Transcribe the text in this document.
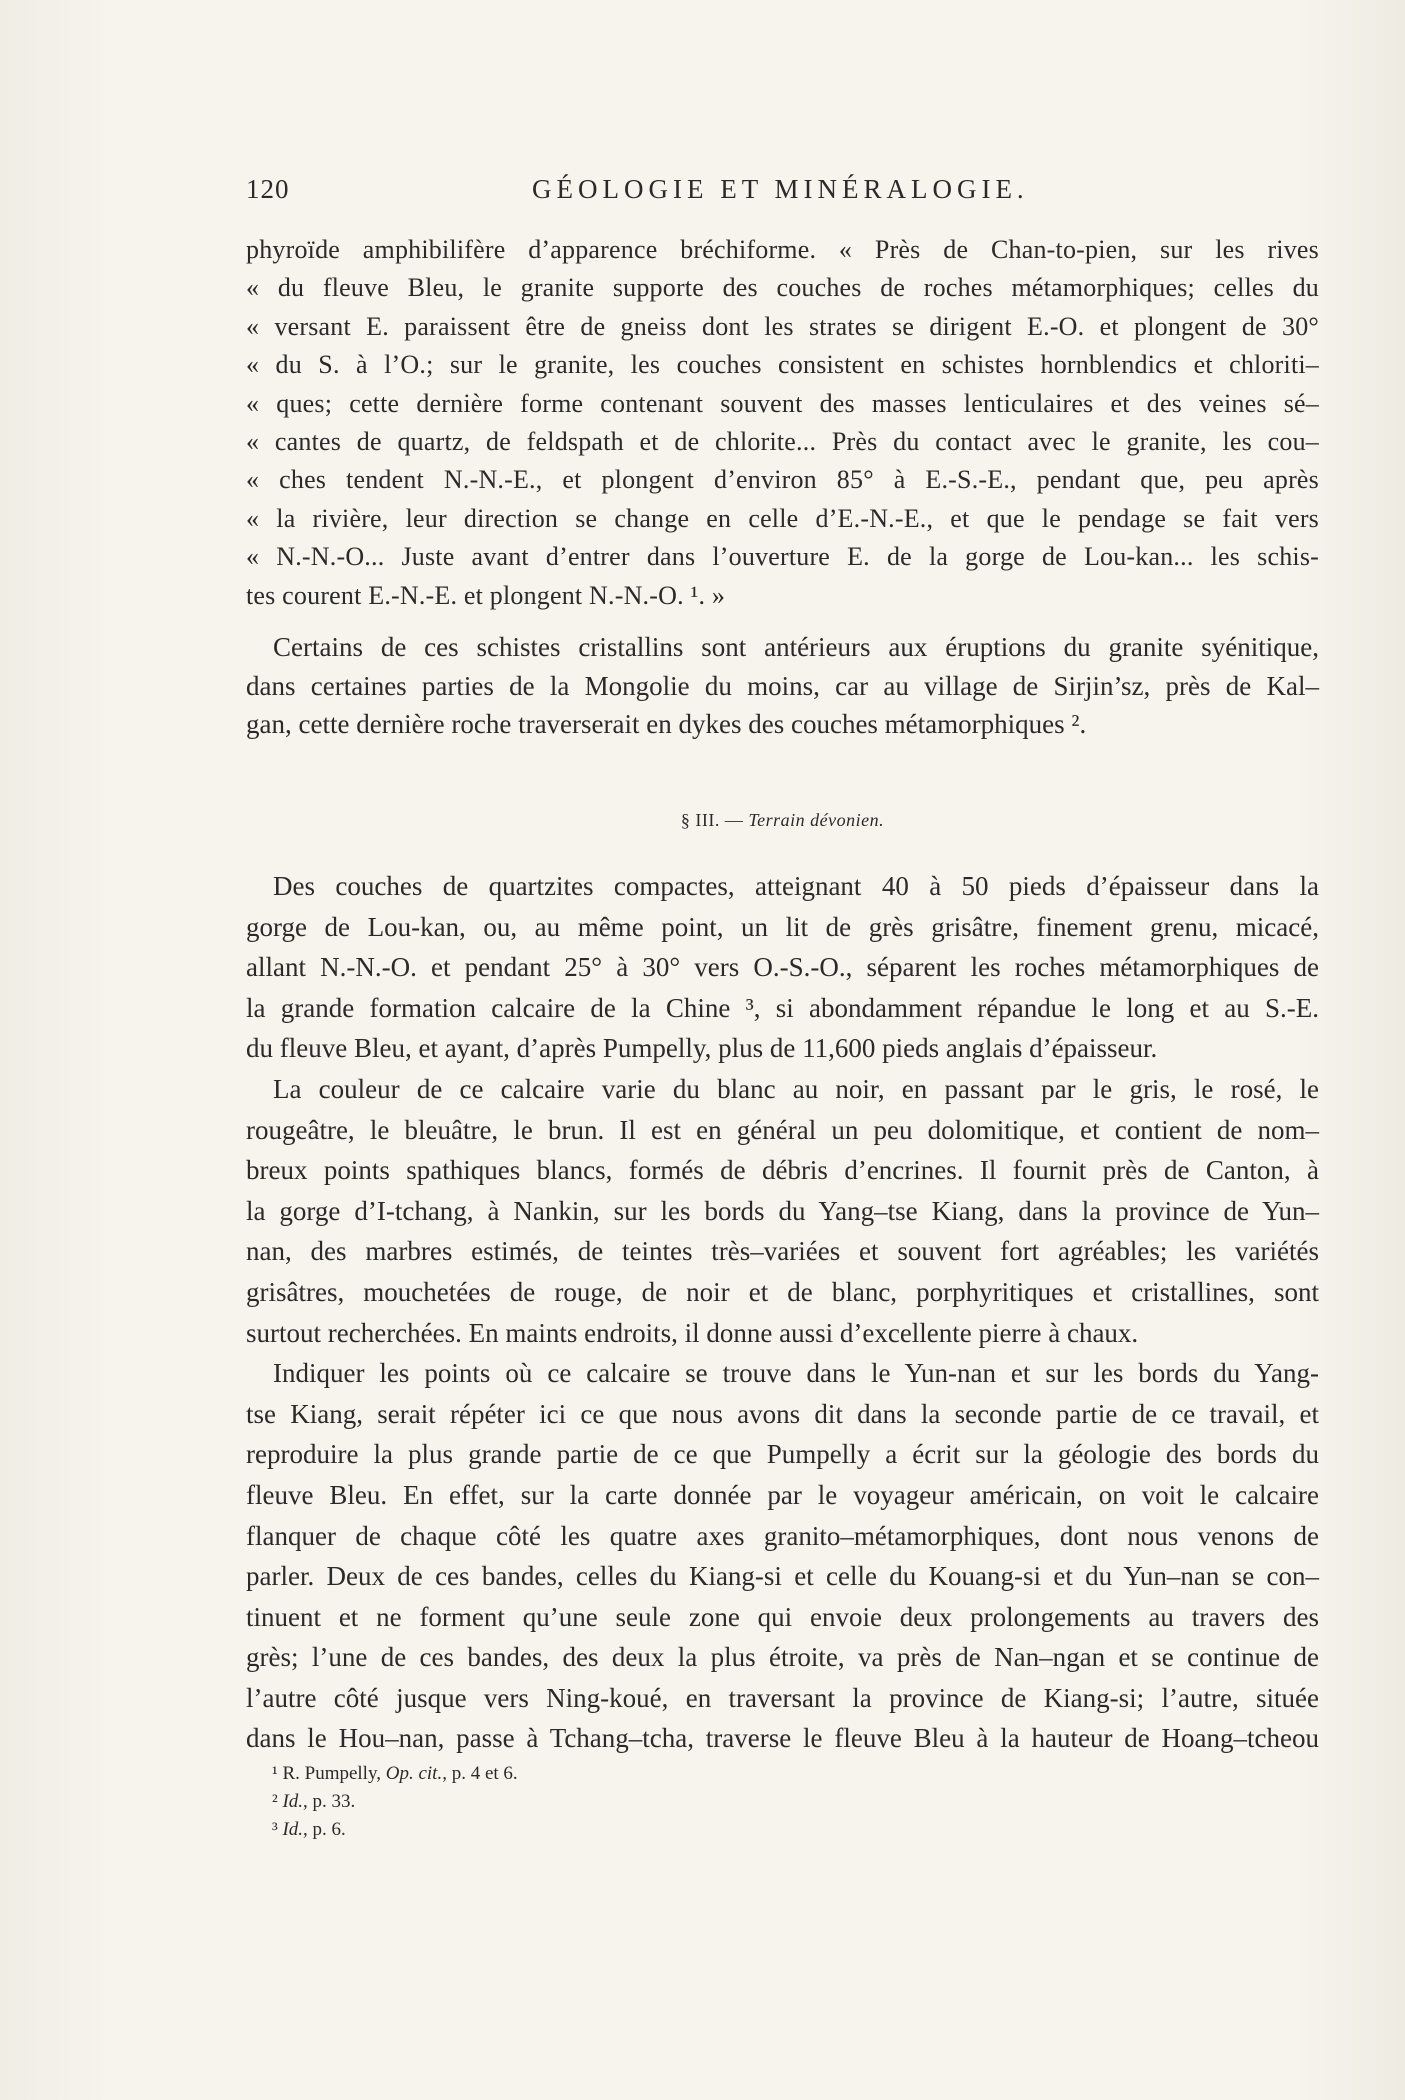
120	GÉOLOGIE ET MINÉRALOGIE.
phyroïde amphibilifère d’apparence bréchiforme. « Près de Chan-to-pien, sur les rives
« du fleuve Bleu, le granite supporte des couches de roches métamorphiques; celles du
« versant E. paraissent être de gneiss dont les strates se dirigent E.-O. et plongent de 30°
« du S. à l’O.; sur le granite, les couches consistent en schistes hornblendics et chloriti–
« ques; cette dernière forme contenant souvent des masses lenticulaires et des veines sé–
« cantes de quartz, de feldspath et de chlorite... Près du contact avec le granite, les cou–
« ches tendent N.-N.-E., et plongent d’environ 85° à E.-S.-E., pendant que, peu après
« la rivière, leur direction se change en celle d’E.-N.-E., et que le pendage se fait vers
« N.-N.-O... Juste avant d’entrer dans l’ouverture E. de la gorge de Lou-kan... les schis-
tes courent E.-N.-E. et plongent N.-N.-O. ¹. »
Certains de ces schistes cristallins sont antérieurs aux éruptions du granite syénitique,
dans certaines parties de la Mongolie du moins, car au village de Sirjin’sz, près de Kal–
gan, cette dernière roche traverserait en dykes des couches métamorphiques ².
§ III. — Terrain dévonien.
Des couches de quartzites compactes, atteignant 40 à 50 pieds d’épaisseur dans la
gorge de Lou-kan, ou, au même point, un lit de grès grisâtre, finement grenu, micacé,
allant N.-N.-O. et pendant 25° à 30° vers O.-S.-O., séparent les roches métamorphiques de
la grande formation calcaire de la Chine ³, si abondamment répandue le long et au S.-E.
du fleuve Bleu, et ayant, d’après Pumpelly, plus de 11,600 pieds anglais d’épaisseur.
La couleur de ce calcaire varie du blanc au noir, en passant par le gris, le rosé, le
rougeâtre, le bleuâtre, le brun. Il est en général un peu dolomitique, et contient de nom–
breux points spathiques blancs, formés de débris d’encrines. Il fournit près de Canton, à
la gorge d’I-tchang, à Nankin, sur les bords du Yang–tse Kiang, dans la province de Yun–
nan, des marbres estimés, de teintes très–variées et souvent fort agréables; les variétés
grisâtres, mouchetées de rouge, de noir et de blanc, porphyritiques et cristallines, sont
surtout recherchées. En maints endroits, il donne aussi d’excellente pierre à chaux.
Indiquer les points où ce calcaire se trouve dans le Yun-nan et sur les bords du Yang-
tse Kiang, serait répéter ici ce que nous avons dit dans la seconde partie de ce travail, et
reproduire la plus grande partie de ce que Pumpelly a écrit sur la géologie des bords du
fleuve Bleu. En effet, sur la carte donnée par le voyageur américain, on voit le calcaire
flanquer de chaque côté les quatre axes granito–métamorphiques, dont nous venons de
parler. Deux de ces bandes, celles du Kiang-si et celle du Kouang-si et du Yun–nan se con–
tinuent et ne forment qu’une seule zone qui envoie deux prolongements au travers des
grès; l’une de ces bandes, des deux la plus étroite, va près de Nan–ngan et se continue de
l’autre côté jusque vers Ning-koué, en traversant la province de Kiang-si; l’autre, située
dans le Hou–nan, passe à Tchang–tcha, traverse le fleuve Bleu à la hauteur de Hoang–tcheou
¹ R. Pumpelly, Op. cit., p. 4 et 6.
² Id., p. 33.
³ Id., p. 6.
